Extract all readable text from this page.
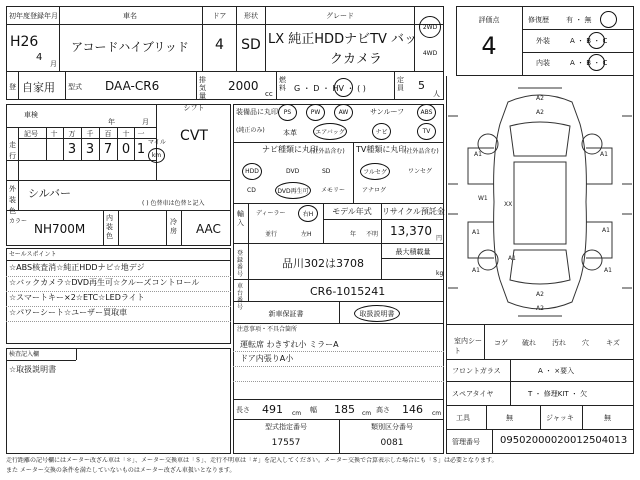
初年度登録年月
H26
4
月
車名
アコードハイブリッド
ドア
4
形状
SD
グレード
LX 純正HDDナビTV バッ
クカメラ
2WD
4WD
登 自家用 型式 DAA-CR6	排気量
2000
cc
燃料	G ・ D ・ HV ・ ( )
定員 5
人
車検
年	月
シフト
CVT
走行
記号	十	万	千	百	十	一
3 3 7 0 1 マイル
km
外装色
シルバー
( ) 色替車は色替と記入
カラー
NH700M
内装色
冷房 AAC
装備品に丸印
(純正のみ)
PS	PW	AW	サンルーフ	ABS
本革	エアバッグ	ナビ	TV
ナビ種類に丸印
(社外品含む)
HDD	DVD	SD
CD	DVD再生可 メモリー
TV種類に丸印
(社外品含む)
フルセグ	ワンセグ
アナログ
輸入
ディーラー	右H
並行	左H
モデル年式
年 不明
リサイクル預託金
13,370
円
登録番号
品川302は3708
最大積載量
kg
車台番号
CR6-1015241
新車保証書	取扱説明書
セールスポイント
☆ABS核査消☆純正HDDナビ☆地デジ
☆バックカメラ☆DVD再生可☆クルーズコントロール
☆スマートキー×2☆ETC☆LEDライト
☆パワーシート☆ユーザー買取車
検査記入欄
☆取扱説明書
注意事項・不具合箇所
運転席 わきすれ小 ミラーA
ドア内張りA小
長さ 491 cm 幅 185 cm 高さ 146 cm
型式指定番号
17557
類別区分番号
0081
評価点
4
修復歴 有 ・ 無
外装	A ・ B ・ C
内装	A ・ B ・ C
A2
A2
A1	A1
W1
XX
A1
A1
A2
A2
A1
A1
A1
室内シート
コゲ 破れ 汚れ 穴 キズ
フロントガラス	A ・ ×要入
スペアタイヤ	T ・ 修理KIT ・ 欠
工具	無	ジャッキ	無
管理番号 09502000020012504013
走行距離の記号欄にはメーター改ざん車は「＊」、メーター交換車は「＄」、走行不明車は「＃」を記入してください。メーター交換で合算表示した場合にも「＄」は必要となります。
また メーター交換の条件を満たしていないものはメーター改ざん車扱いとなります。
